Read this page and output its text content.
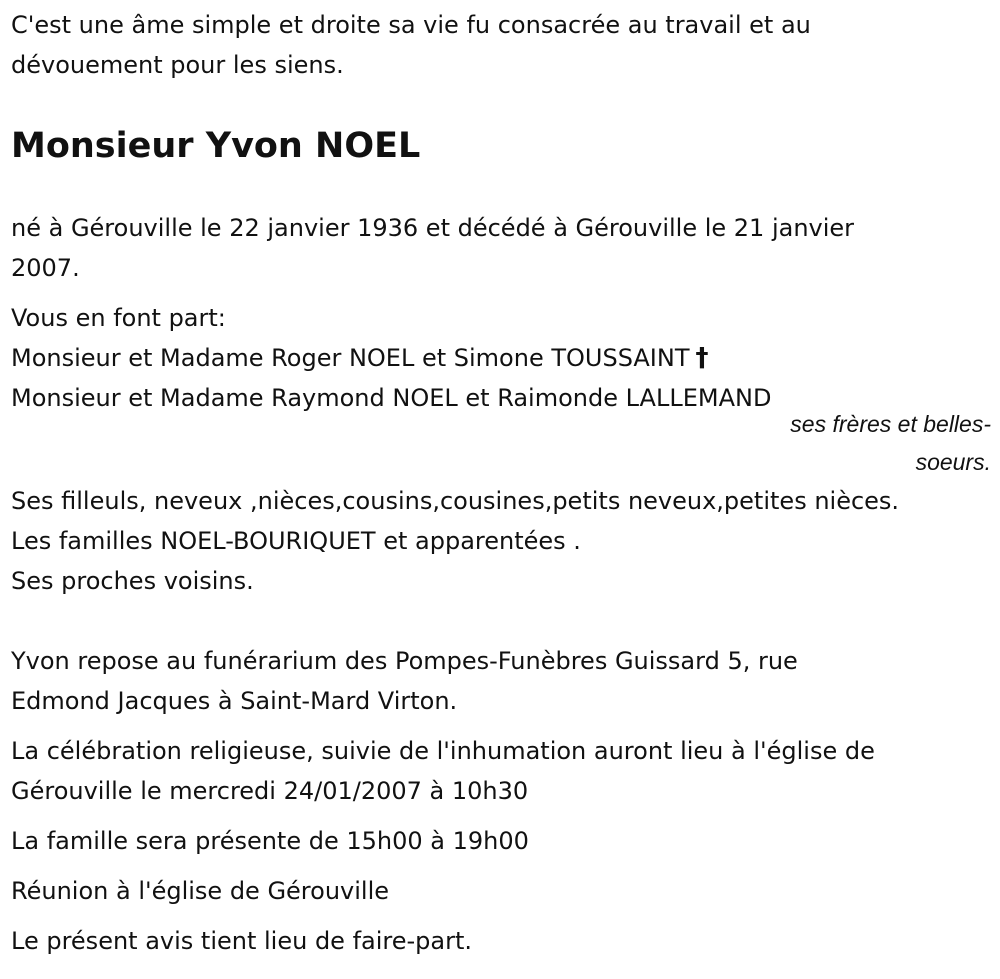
C'est une âme simple et droite sa vie fu consacrée au travail et au
dévouement pour les siens.

Monsieur Yvon NOEL

né à Gérouville le 22 janvier 1936 et décédé à Gérouville le 21 janvier
2007.

Vous en font part:

Monsieur et Madame Roger NOEL et Simone TOUSSAINT †

Monsieur et Madame Raymond NOEL et Raimonde LALLEMAND

ses frères et belles-
soeurs.

Ses filleuls, neveux ,nièces,cousins,cousines,petits neveux,petites nièces.

Les familles NOEL-BOURIQUET et apparentées .

Ses proches voisins.

Yvon repose au funérarium des Pompes-Funèbres Guissard 5, rue
Edmond Jacques à Saint-Mard Virton.

La célébration religieuse, suivie de l'inhumation auront lieu à l'église de
Gérouville le mercredi 24/01/2007 à 10h30

La famille sera présente de 15h00 à 19h00

Réunion à l'église de Gérouville

Le présent avis tient lieu de faire-part.
